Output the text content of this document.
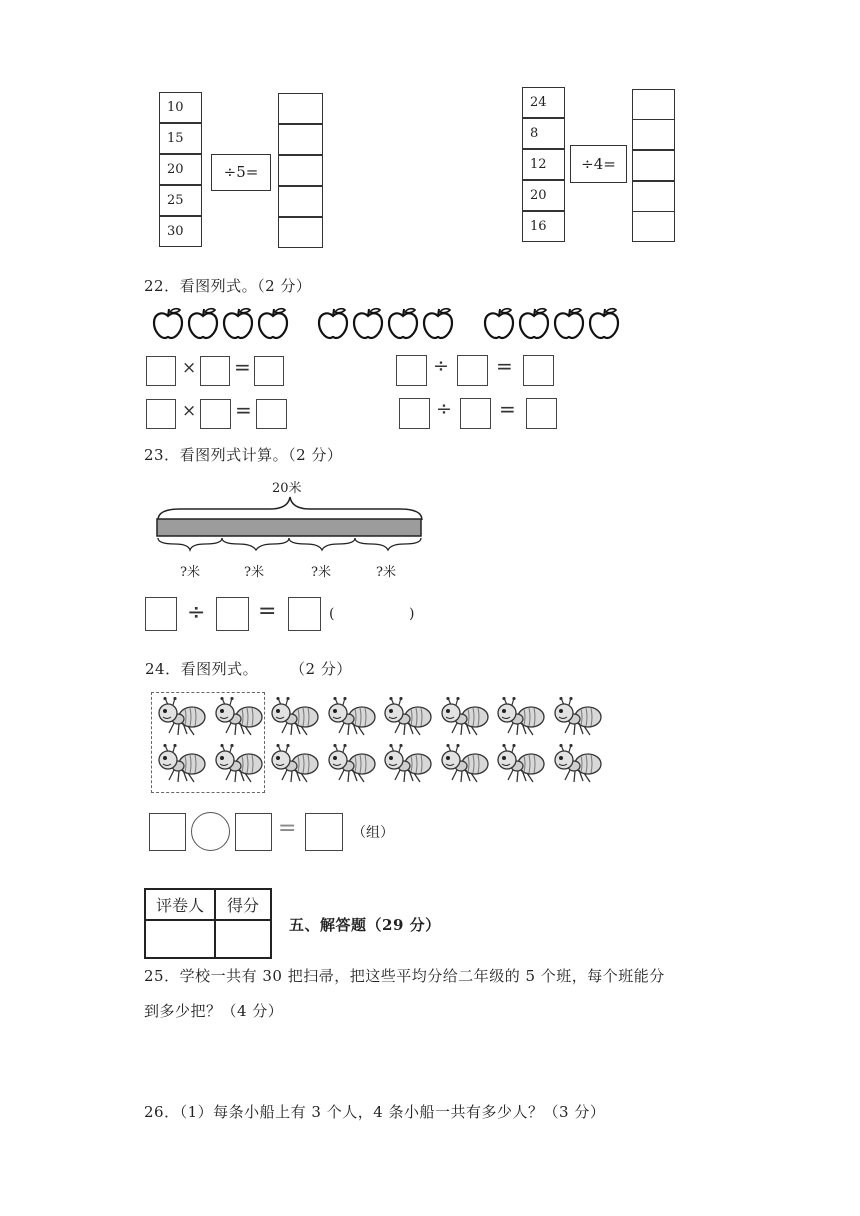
10
15
20
25
30
÷5=
24
8
12
20
16
÷4=
22．看图列式。（2 分）
× =	÷ =
× =	÷ =
23．看图列式计算。（2 分）
20米
?米	?米	?米	?米
÷ =	(	)
24．看图列式。 （2 分）
=	（组）
评卷人	得分

五、解答题（29 分）
25．学校一共有 30 把扫帚，把这些平均分给二年级的 5 个班，每个班能分
到多少把？（4 分）
26．（1）每条小船上有 3 个人，4 条小船一共有多少人？（3 分）
